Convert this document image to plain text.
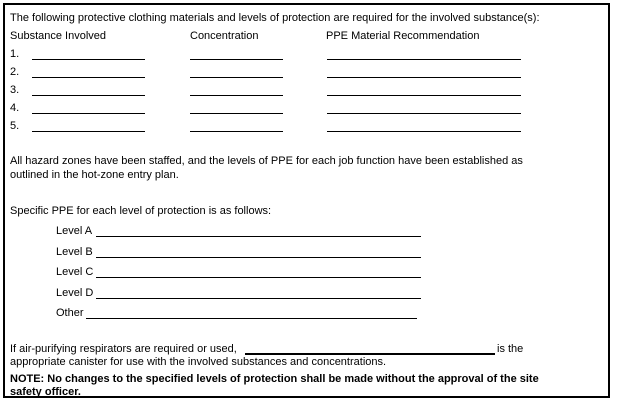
The following protective clothing materials and levels of protection are required for the involved substance(s):
Substance Involved	Concentration	PPE Material Recommendation
1.
2.
3.
4.
5.
All hazard zones have been staffed, and the levels of PPE for each job function have been established as
outlined in the hot-zone entry plan.
Specific PPE for each level of protection is as follows:
Level A
Level B
Level C
Level D
Other
If air-purifying respirators are required or used,	is the
appropriate canister for use with the involved substances and concentrations.
NOTE: No changes to the specified levels of protection shall be made without the approval of the site
safety officer.
